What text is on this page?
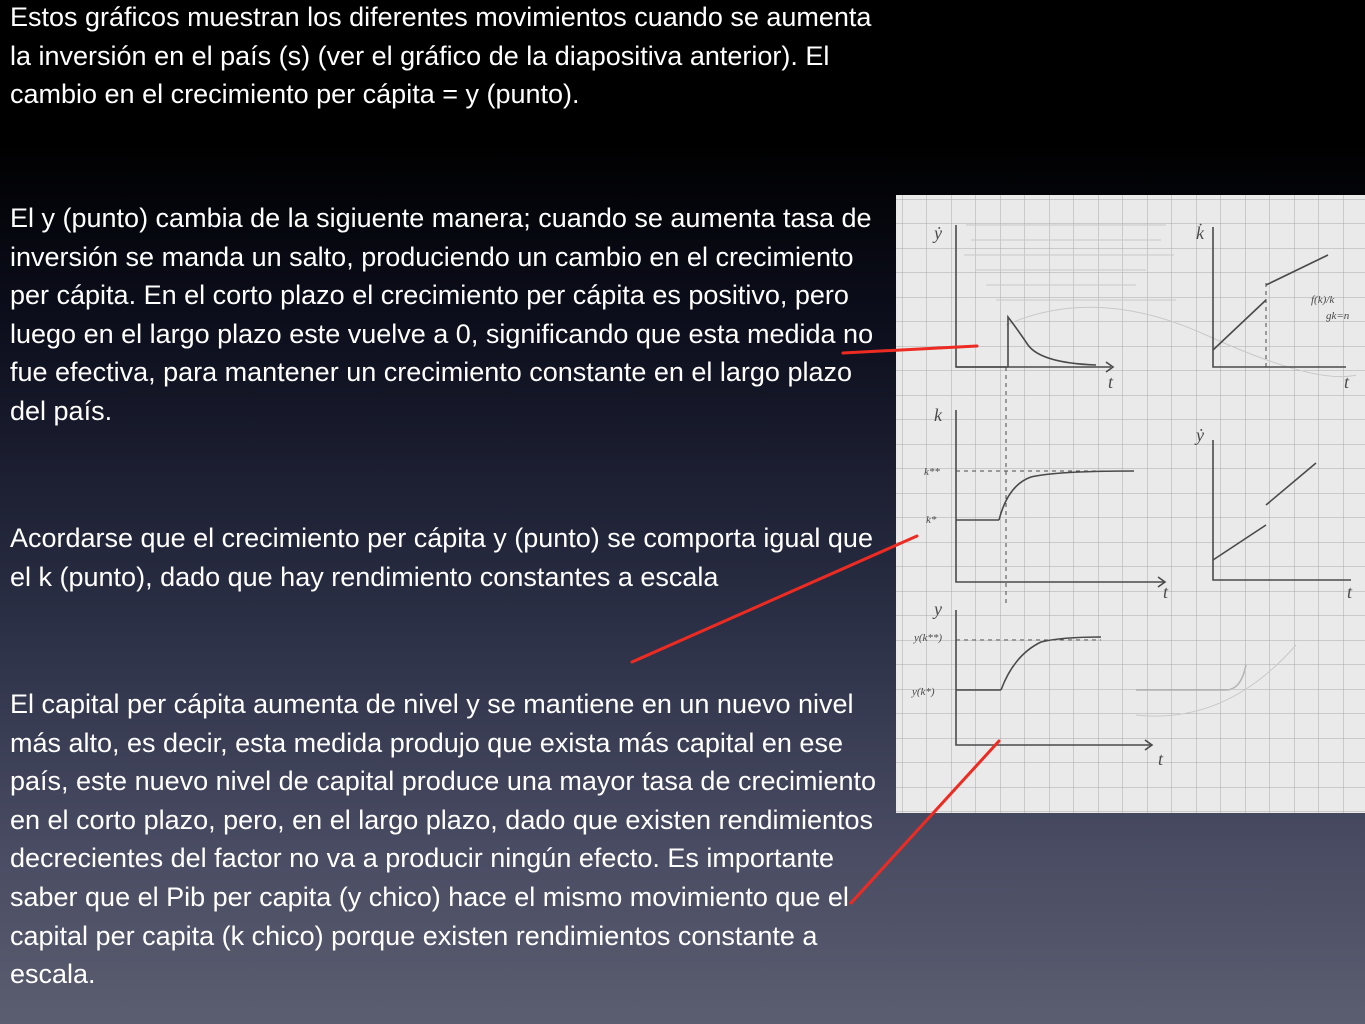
Estos gráficos muestran los diferentes movimientos cuando se aumenta la inversión en el país (s) (ver el gráfico de la diapositiva anterior). El cambio en el crecimiento per cápita = y (punto).

El y (punto) cambia de la sigiuente manera; cuando se aumenta tasa de inversión se manda un salto, produciendo un cambio en el crecimiento per cápita. En el corto plazo el crecimiento per cápita es positivo, pero luego en el largo plazo este vuelve a 0, significando que esta medida no fue efectiva, para mantener un crecimiento constante en el largo plazo del país.

Acordarse que el crecimiento per cápita y (punto) se comporta igual que el k (punto), dado que hay rendimiento constantes a escala

El capital per cápita aumenta de nivel y se mantiene en un nuevo nivel más alto, es decir, esta medida produjo que exista más capital en ese país, este nuevo nivel de capital produce una mayor tasa de crecimiento en el corto plazo, pero, en el largo plazo, dado que existen rendimientos decrecientes del factor no va a producir ningún efecto. Es importante saber que el Pib per capita (y chico) hace el mismo movimiento que el capital per capita (k chico) porque existen rendimientos constante a escala.

ẏ	k̇
k
ẏ
y
t	t
t	t
t
k**
k*
y(k**)
y(k*)
gk=n
f(k)/k
